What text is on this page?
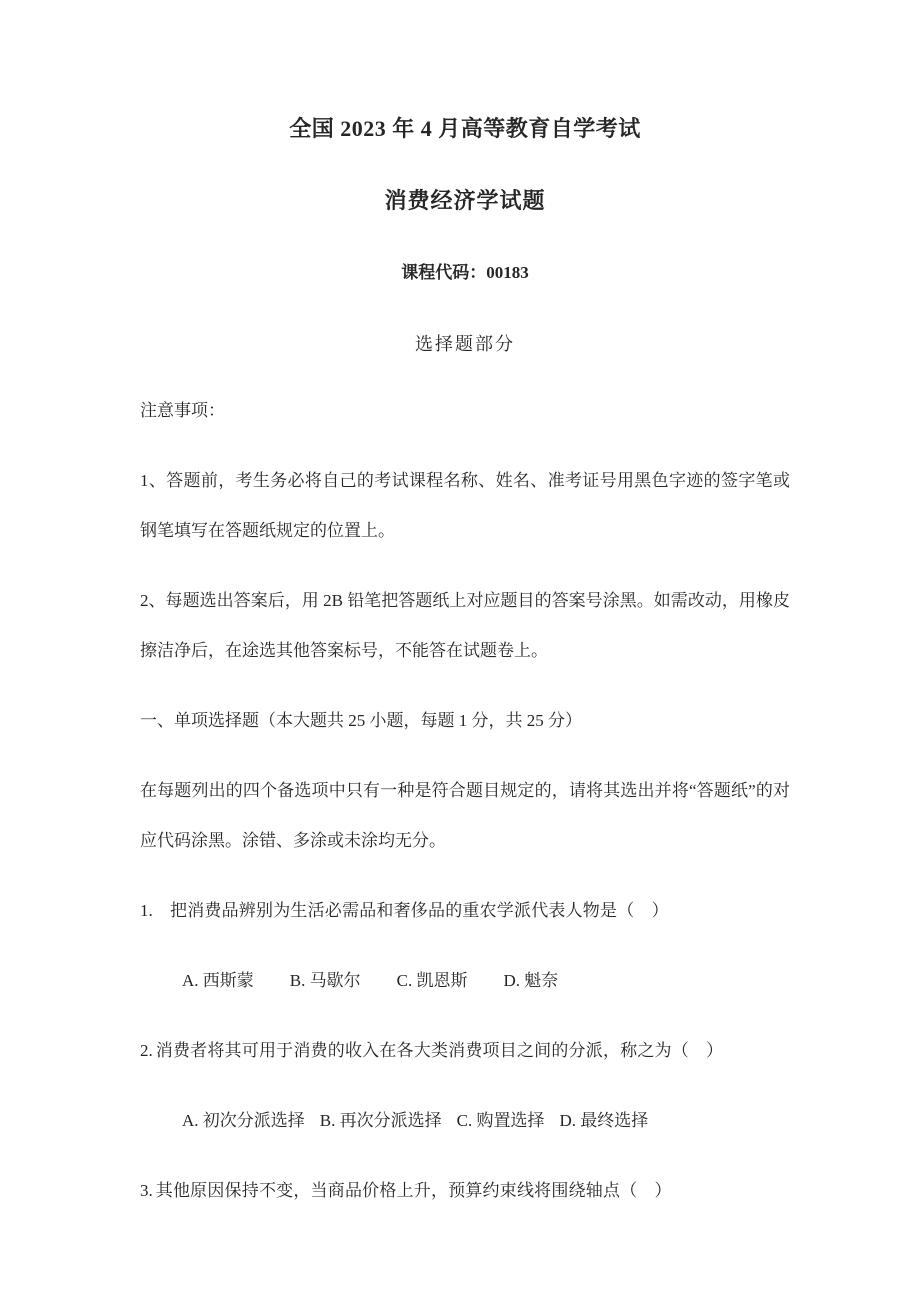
全国 2023 年 4 月高等教育自学考试
消费经济学试题
课程代码：00183
选择题部分
注意事项：

1、答题前，考生务必将自己的考试课程名称、姓名、准考证号用黑色字迹的签字笔或钢笔填写在答题纸规定的位置上。

2、每题选出答案后，用 2B 铅笔把答题纸上对应题目的答案号涂黑。如需改动，用橡皮擦洁净后，在途选其他答案标号，不能答在试题卷上。

一、单项选择题（本大题共 25 小题，每题 1 分，共 25 分）

在每题列出的四个备选项中只有一种是符合题目规定的，请将其选出并将“答题纸”的对应代码涂黑。涂错、多涂或未涂均无分。

1. 把消费品辨别为生活必需品和奢侈品的重农学派代表人物是（　）
A. 西斯蒙 B. 马歇尔 C. 凯恩斯 D. 魁奈
2. 消费者将其可用于消费的收入在各大类消费项目之间的分派，称之为（　）
A. 初次分派选择 B. 再次分派选择 C. 购置选择 D. 最终选择
3. 其他原因保持不变，当商品价格上升，预算约束线将围绕轴点（　）
